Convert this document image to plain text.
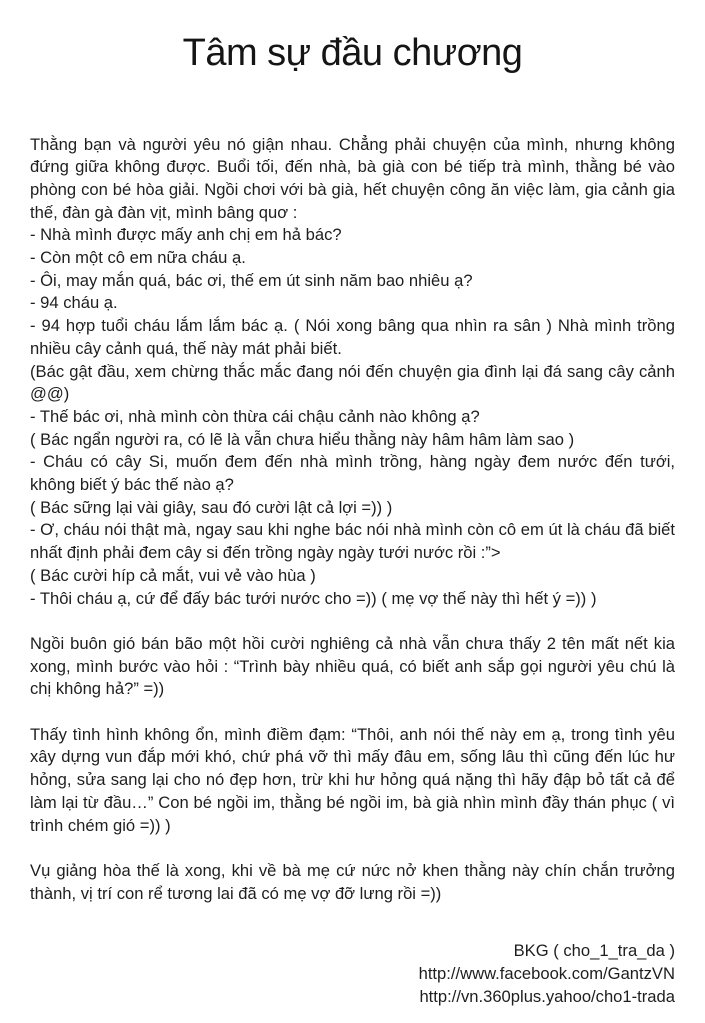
Tâm sự đầu chương

Thằng bạn và người yêu nó giận nhau. Chẳng phải chuyện của mình, nhưng không đứng giữa không được. Buổi tối, đến nhà, bà già con bé tiếp trà mình, thằng bé vào phòng con bé hòa giải. Ngồi chơi với bà già, hết chuyện công ăn việc làm, gia cảnh gia thế, đàn gà đàn vịt, mình bâng quơ :

- Nhà mình được mấy anh chị em hả bác?

- Còn một cô em nữa cháu ạ.

- Ôi, may mắn quá, bác ơi, thế em út sinh năm bao nhiêu ạ?

- 94 cháu ạ.

- 94 hợp tuổi cháu lắm lắm bác ạ. ( Nói xong bâng qua nhìn ra sân ) Nhà mình trồng nhiều cây cảnh quá, thế này mát phải biết.

(Bác gật đầu, xem chừng thắc mắc đang nói đến chuyện gia đình lại đá sang cây cảnh @@)

- Thế bác ơi, nhà mình còn thừa cái chậu cảnh nào không ạ?

( Bác ngẩn người ra, có lẽ là vẫn chưa hiểu thằng này hâm hâm làm sao )

- Cháu có cây Si, muốn đem đến nhà mình trồng, hàng ngày đem nước đến tưới, không biết ý bác thế nào ạ?

( Bác sững lại vài giây, sau đó cười lật cả lợi =)) )

- Ơ, cháu nói thật mà, ngay sau khi nghe bác nói nhà mình còn cô em út là cháu đã biết nhất định phải đem cây si đến trồng ngày ngày tưới nước rồi :”>

( Bác cười híp cả mắt, vui vẻ vào hùa )

- Thôi cháu ạ, cứ để đấy bác tưới nước cho =)) ( mẹ vợ thế này thì hết ý =)) )

Ngồi buôn gió bán bão một hồi cười nghiêng cả nhà vẫn chưa thấy 2 tên mất nết kia xong, mình bước vào hỏi : “Trình bày nhiều quá, có biết anh sắp gọi người yêu chú là chị không hả?” =))

Thấy tình hình không ổn, mình điềm đạm: “Thôi, anh nói thế này em ạ, trong tình yêu xây dựng vun đắp mới khó, chứ phá vỡ thì mấy đâu em, sống lâu thì cũng đến lúc hư hỏng, sửa sang lại cho nó đẹp hơn, trừ khi hư hỏng quá nặng thì hãy đập bỏ tất cả để làm lại từ đầu…” Con bé ngồi im, thằng bé ngồi im, bà già nhìn mình đầy thán phục ( vì trình chém gió =)) )

Vụ giảng hòa thế là xong, khi về bà mẹ cứ nức nở khen thằng này chín chắn trưởng thành, vị trí con rể tương lai đã có mẹ vợ đỡ lưng rồi =))

BKG ( cho_1_tra_da )
http://www.facebook.com/GantzVN
http://vn.360plus.yahoo/cho1-trada
